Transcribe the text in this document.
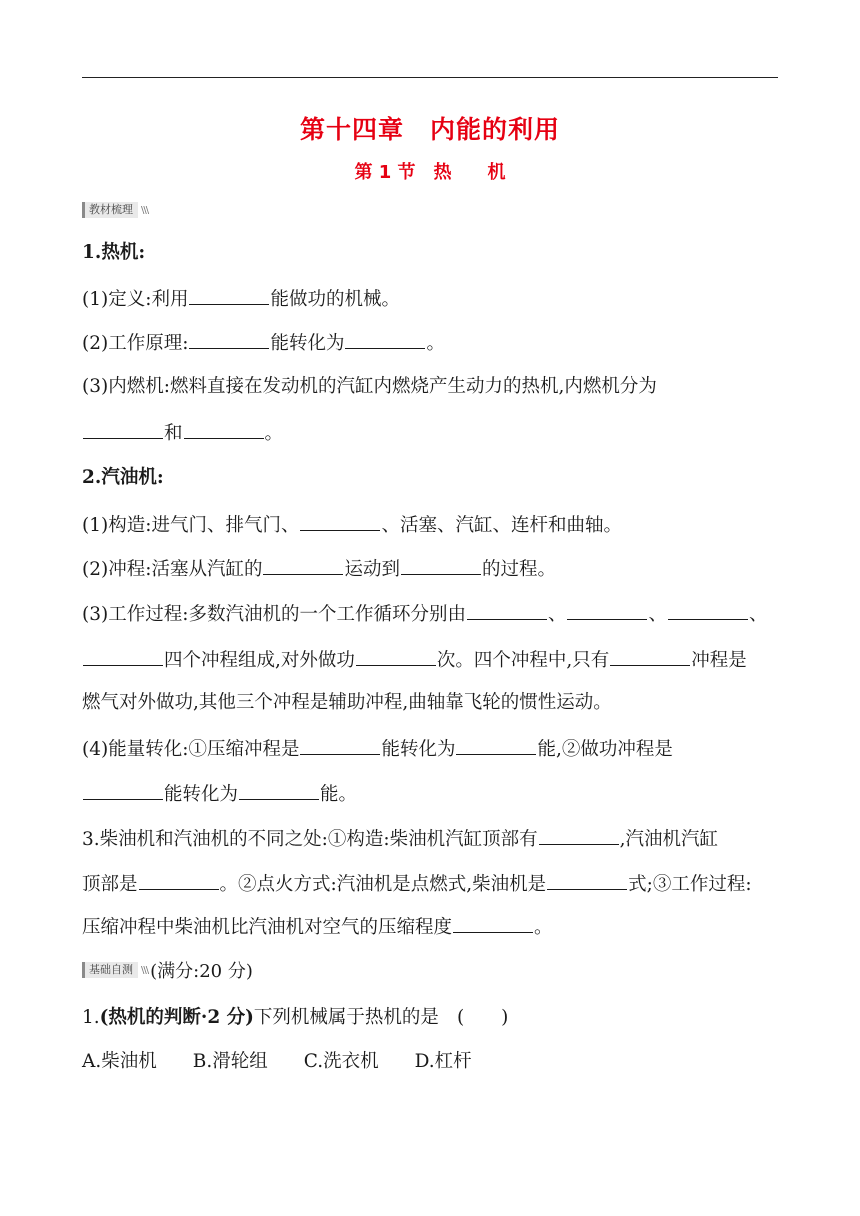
第十四章　内能的利用
第 1 节　热　　机
教材梳理 \\\
1.热机:
(1)定义:利用	能做功的机械。
(2)工作原理:	能转化为	。
(3)内燃机:燃料直接在发动机的汽缸内燃烧产生动力的热机,内燃机分为
和	。
2.汽油机:
(1)构造:进气门、排气门、	、活塞、汽缸、连杆和曲轴。
(2)冲程:活塞从汽缸的	运动到	的过程。
(3)工作过程:多数汽油机的一个工作循环分别由	、	、	、
四个冲程组成,对外做功	次。四个冲程中,只有	冲程是
燃气对外做功,其他三个冲程是辅助冲程,曲轴靠飞轮的惯性运动。
(4)能量转化:①压缩冲程是	能转化为	能,②做功冲程是
能转化为	能。
3.柴油机和汽油机的不同之处:①构造:柴油机汽缸顶部有	,汽油机汽缸
顶部是	。②点火方式:汽油机是点燃式,柴油机是	式;③工作过程:
压缩冲程中柴油机比汽油机对空气的压缩程度	。
基础自测 \\\ (满分:20 分)
1.(热机的判断·2 分)下列机械属于热机的是 (　　)
A.柴油机 B.滑轮组 C.洗衣机 D.杠杆
